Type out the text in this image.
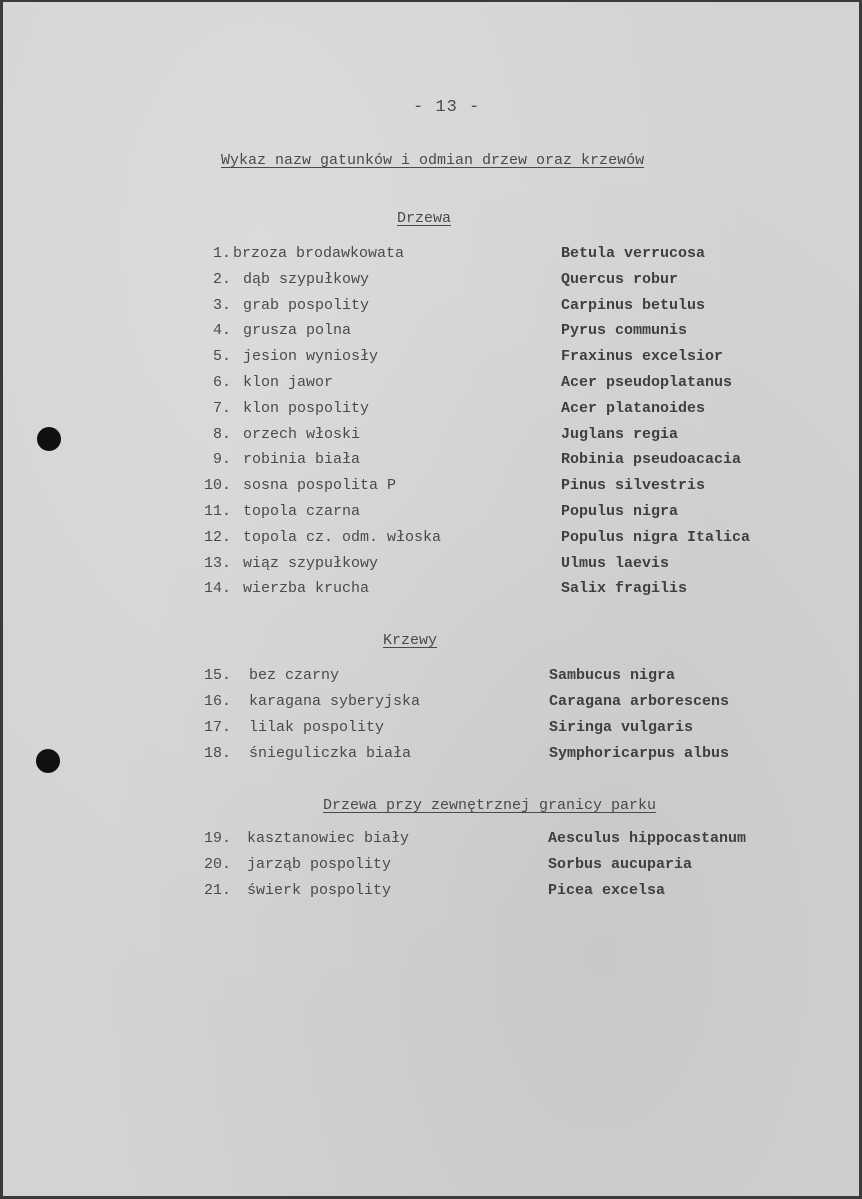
- 13 -
Wykaz nazw gatunków i odmian drzew oraz krzewów
Drzewa
1. brzoza brodawkowata	Betula verrucosa
2. dąb szypułkowy	Quercus robur
3. grab pospolity	Carpinus betulus
4. grusza polna	Pyrus communis
5. jesion wyniosły	Fraxinus excelsior
6. klon jawor	Acer pseudoplatanus
7. klon pospolity	Acer platanoides
8. orzech włoski	Juglans regia
9. robinia biała	Robinia pseudoacacia
10. sosna pospolita P	Pinus silvestris
11. topola czarna	Populus nigra
12. topola cz. odm. włoska	Populus nigra Italica
13. wiąz szypułkowy	Ulmus laevis
14. wierzba krucha	Salix fragilis
Krzewy
15. bez czarny	Sambucus nigra
16. karagana syberyjska	Caragana arborescens
17. lilak pospolity	Siringa vulgaris
18. śnieguliczka biała	Symphoricarpus albus
Drzewa przy zewnętrznej granicy parku
19. kasztanowiec biały	Aesculus hippocastanum
20. jarząb pospolity	Sorbus aucuparia
21. świerk pospolity	Picea excelsa
